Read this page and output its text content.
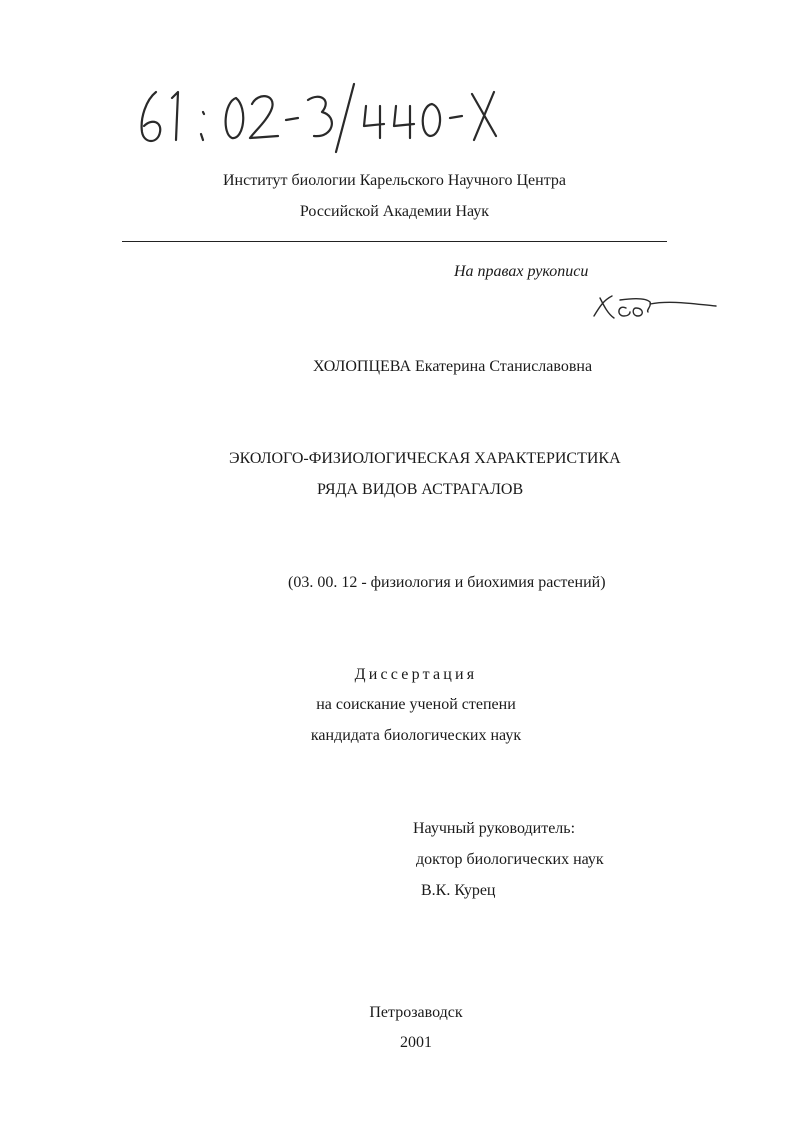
Институт биологии Карельского Научного Центра
Российской Академии Наук
На правах рукописи
ХОЛОПЦЕВА Екатерина Станиславовна
ЭКОЛОГО-ФИЗИОЛОГИЧЕСКАЯ ХАРАКТЕРИСТИКА
РЯДА ВИДОВ АСТРАГАЛОВ
(03. 00. 12 - физиология и биохимия растений)
Диссертация
на соискание ученой степени
кандидата биологических наук
Научный руководитель:
доктор биологических наук
В.К. Курец
Петрозаводск
2001
